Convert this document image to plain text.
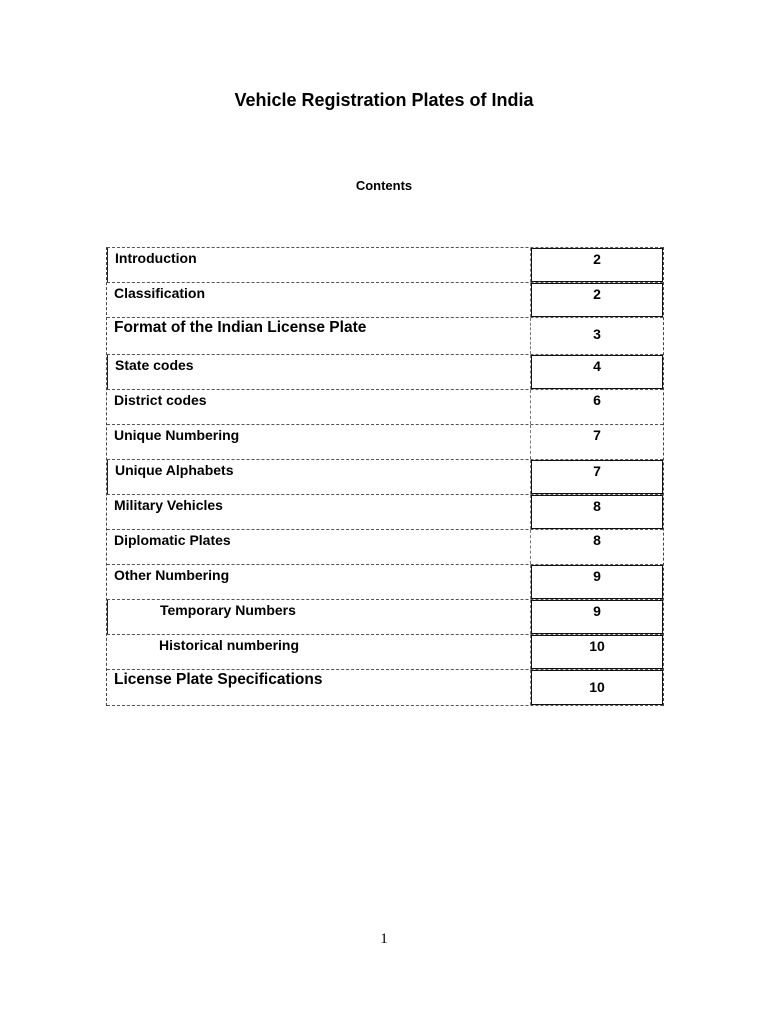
Vehicle Registration Plates of India
Contents
Introduction	2
Classification	2
Format of the Indian License Plate	3
State codes	4
District codes	6
Unique Numbering	7
Unique Alphabets	7
Military Vehicles	8
Diplomatic Plates	8
Other Numbering	9
Temporary Numbers	9
Historical numbering	10
License Plate Specifications	10
1
